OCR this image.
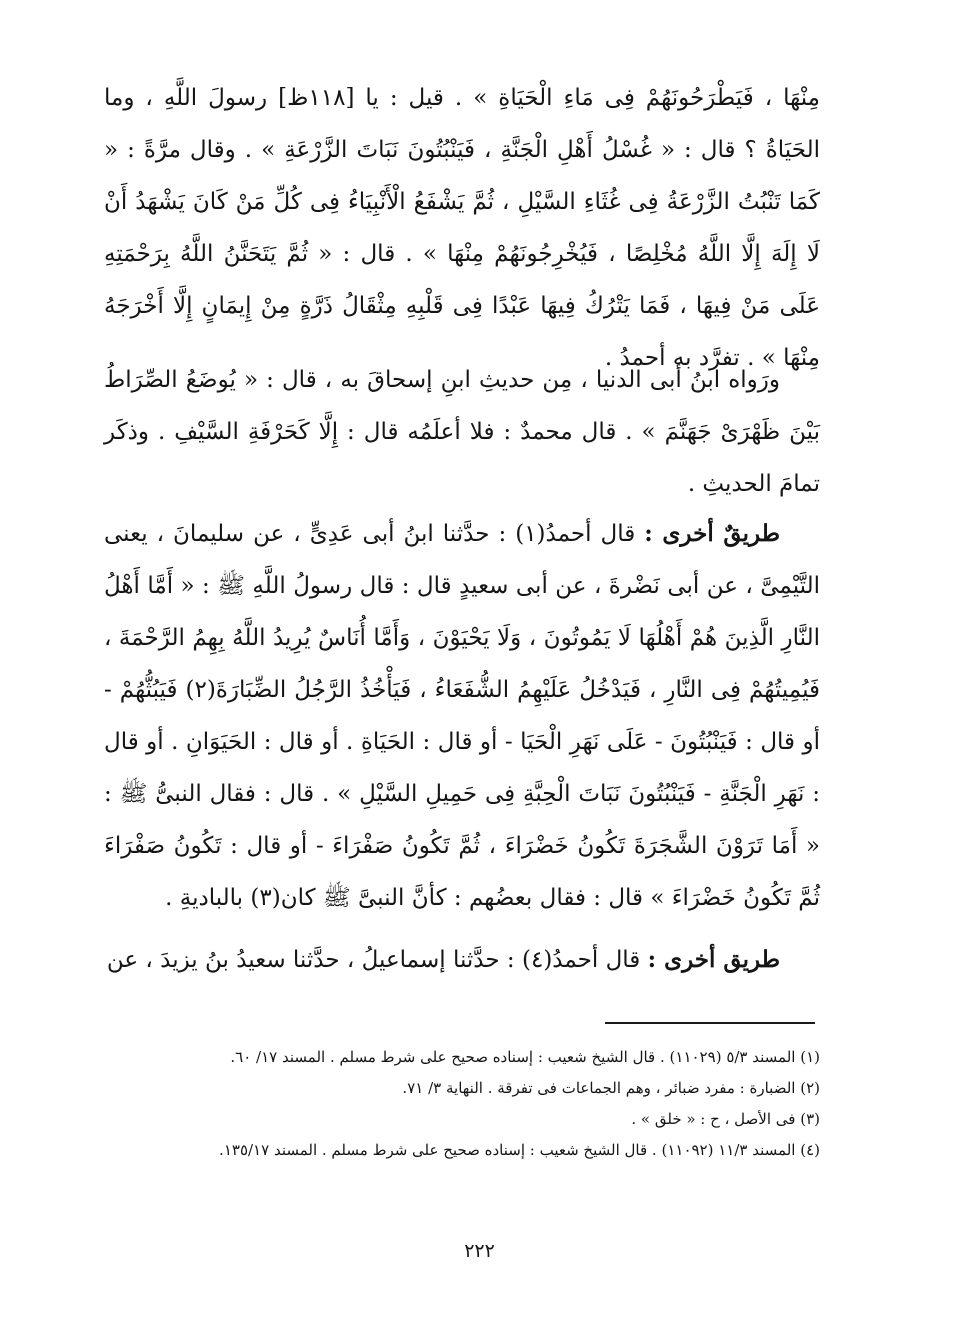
مِنْهَا ، فَيَطْرَحُونَهُمْ فِى مَاءِ الْحَيَاةِ » . قيل : يا [١١٨ظ] رسولَ اللَّهِ ، وما الحَيَاةُ ؟ قال : « غُسْلُ أَهْلِ الْجَنَّةِ ، فَيَنْبُتُونَ نَبَاتَ الزَّرْعَةِ » . وقال مرَّةً : « كَمَا تَنْبُتُ الزَّرْعَةُ فِى غُثَاءِ السَّيْلِ ، ثُمَّ يَشْفَعُ الْأَنْبِيَاءُ فِى كُلِّ مَنْ كَانَ يَشْهَدُ أَنْ لَا إِلَهَ إِلَّا اللَّهُ مُخْلِصًا ، فَيُخْرِجُونَهُمْ مِنْهَا » . قال : « ثُمَّ يَتَحَنَّنُ اللَّهُ بِرَحْمَتِهِ عَلَى مَنْ فِيهَا ، فَمَا يَتْرُكُ فِيهَا عَبْدًا فِى قَلْبِهِ مِثْقَالُ ذَرَّةٍ مِنْ إِيمَانٍ إِلَّا أَخْرَجَهُ مِنْهَا » . تفرَّد به أحمدُ .

ورَواه ابنُ أبى الدنيا ، مِن حديثِ ابنِ إسحاقَ به ، قال : « يُوضَعُ الصِّرَاطُ بَيْنَ ظَهْرَىْ جَهَنَّمَ » . قال محمدٌ : فلا أعلَمُه قال : إِلَّا كَحَرْفَةِ السَّيْفِ . وذكَر تمامَ الحديثِ .

طريقٌ أخرى : قال أحمدُ(١) : حدَّثنا ابنُ أبى عَدِىٍّ ، عن سليمانَ ، يعنى التَّيْمِىَّ ، عن أبى نَضْرةَ ، عن أبى سعيدٍ قال : قال رسولُ اللَّهِ ﷺ : « أَمَّا أَهْلُ النَّارِ الَّذِينَ هُمْ أَهْلُهَا لَا يَمُوتُونَ ، وَلَا يَحْيَوْنَ ، وَأَمَّا أُنَاسٌ يُرِيدُ اللَّهُ بِهِمُ الرَّحْمَةَ ، فَيُمِيتُهُمْ فِى النَّارِ ، فَيَدْخُلُ عَلَيْهِمُ الشُّفَعَاءُ ، فَيَأْخُذُ الرَّجُلُ الضِّبَارَةَ(٢) فَيَبُثُّهُمْ - أو قال : فَيَنْبُتُونَ - عَلَى نَهَرِ الْحَيَا - أو قال : الحَيَاةِ . أو قال : الحَيَوَانِ . أو قال : نَهَرِ الْجَنَّةِ - فَيَنْبُتُونَ نَبَاتَ الْحِبَّةِ فِى حَمِيلِ السَّيْلِ » . قال : فقال النبىُّ ﷺ : « أَمَا تَرَوْنَ الشَّجَرَةَ تَكُونُ خَضْرَاءَ ، ثُمَّ تَكُونُ صَفْرَاءَ - أو قال : تَكُونُ صَفْرَاءَ ثُمَّ تَكُونُ خَضْرَاءَ » قال : فقال بعضُهم : كأنَّ النبىَّ ﷺ كان(٣) بالباديةِ .

طريق أخرى : قال أحمدُ(٤) : حدَّثنا إسماعيلُ ، حدَّثنا سعيدُ بنُ يزيدَ ، عن

(١) المسند ٥/٣ (١١٠٢٩) . قال الشيخ شعيب : إسناده صحيح على شرط مسلم . المسند ١٧/ ٦٠.
(٢) الضبارة : مفرد ضبائر ، وهم الجماعات فى تفرقة . النهاية ٣/ ٧١.
(٣) فى الأصل ، ح : « خلق » .
(٤) المسند ١١/٣ (١١٠٩٢) . قال الشيخ شعيب : إسناده صحيح على شرط مسلم . المسند ١٣٥/١٧.
٢٢٢
